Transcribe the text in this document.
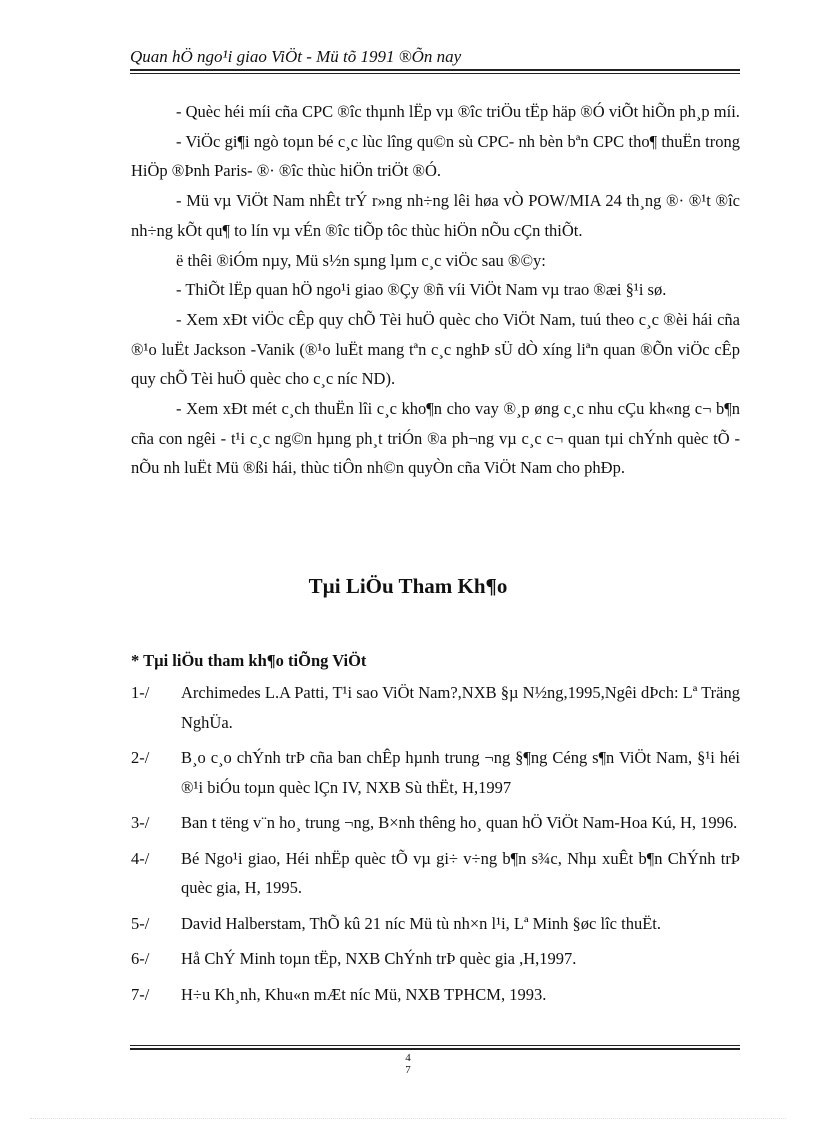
Quan hÖ ngo¹i giao ViÖt - Mü tõ 1991 ®Õn nay

- Quèc héi míi cña CPC ®îc thµnh lËp vµ ®îc triÖu tËp häp ®Ó viÕt hiÕn ph¸p míi.

- ViÖc gi¶i ngò toµn bé c¸c lùc lîng qu©n sù CPC- nh bèn bªn CPC tho¶ thuËn trong HiÖp ®Þnh Paris- ®· ®îc thùc hiÖn triÖt ®Ó.

- Mü vµ ViÖt Nam nhÊt trÝ r»ng nh÷ng lêi høa vÒ POW/MIA 24 th¸ng ®· ®¹t ®îc nh÷ng kÕt qu¶ to lín vµ vÉn ®îc tiÕp tôc thùc hiÖn nÕu cÇn thiÕt.

ë thêi ®iÓm nµy, Mü s½n sµng lµm c¸c viÖc sau ®©y:

- ThiÕt lËp quan hÖ ngo¹i giao ®Çy ®ñ víi ViÖt Nam vµ trao ®æi §¹i sø.

- Xem xÐt viÖc cÊp quy chÕ Tèi huÖ quèc cho ViÖt Nam, tuú theo c¸c ®èi hái cña ®¹o luËt Jackson -Vanik (®¹o luËt mang tªn c¸c nghÞ sÜ dÒ xíng liªn quan ®Õn viÖc cÊp quy chÕ Tèi huÖ quèc cho c¸c níc ND).

- Xem xÐt mét c¸ch thuËn lîi c¸c kho¶n cho vay ®¸p øng c¸c nhu cÇu kh«ng c¬ b¶n cña con ngêi - t¹i c¸c ng©n hµng ph¸t triÓn ®a ph¬ng vµ c¸c c¬ quan tµi chÝnh quèc tÕ - nÕu nh luËt Mü ®ßi hái, thùc tiÔn nh©n quyÒn cña ViÖt Nam cho phÐp.

Tµi LiÖu Tham Kh¶o
* Tµi liÖu tham kh¶o tiÕng ViÖt
1-/	Archimedes L.A Patti, T¹i sao ViÖt Nam?,NXB §µ N½ng,1995,Ngêi dÞch: Lª Träng NghÜa.
2-/	B¸o c¸o chÝnh trÞ cña ban chÊp hµnh trung ¬ng §¶ng Céng s¶n ViÖt Nam, §¹i héi ®¹i biÓu toµn quèc lÇn IV, NXB Sù thËt, H,1997
3-/	Ban t tëng v¨n ho¸ trung ¬ng, B×nh thêng ho¸ quan hÖ ViÖt Nam-Hoa Kú, H, 1996.
4-/	Bé Ngo¹i giao, Héi nhËp quèc tÕ vµ gi÷ v÷ng b¶n s¾c, Nhµ xuÊt b¶n ChÝnh trÞ quèc gia, H, 1995.
5-/	David Halberstam, ThÕ kû 21 níc Mü tù nh×n l¹i, Lª Minh §øc lîc thuËt.
6-/	Hå ChÝ Minh toµn tËp, NXB ChÝnh trÞ quèc gia ,H,1997.
7-/	H÷u Kh¸nh, Khu«n mÆt níc Mü, NXB TPHCM, 1993.
4
7
